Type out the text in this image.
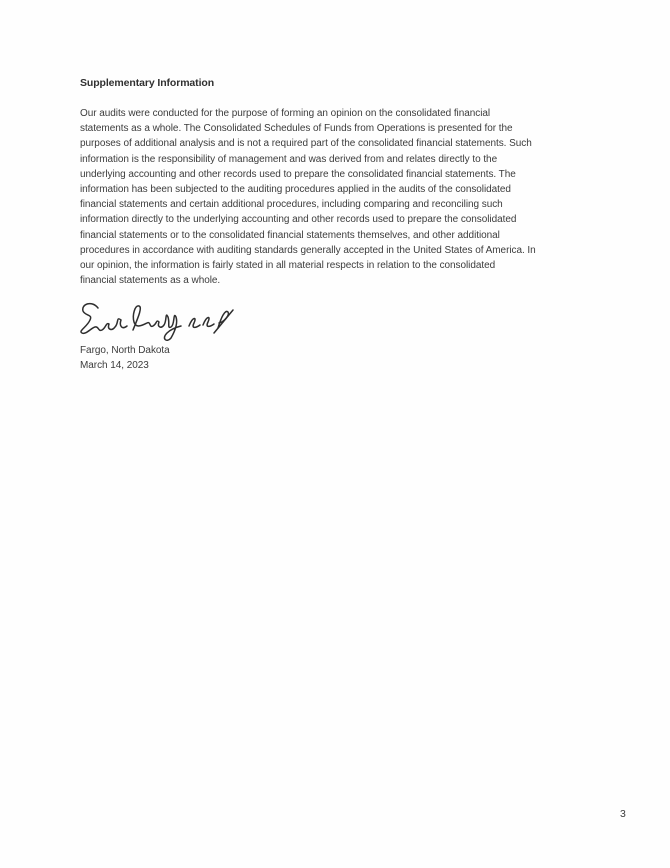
Supplementary Information
Our audits were conducted for the purpose of forming an opinion on the consolidated financial
statements as a whole. The Consolidated Schedules of Funds from Operations is presented for the
purposes of additional analysis and is not a required part of the consolidated financial statements. Such
information is the responsibility of management and was derived from and relates directly to the
underlying accounting and other records used to prepare the consolidated financial statements. The
information has been subjected to the auditing procedures applied in the audits of the consolidated
financial statements and certain additional procedures, including comparing and reconciling such
information directly to the underlying accounting and other records used to prepare the consolidated
financial statements or to the consolidated financial statements themselves, and other additional
procedures in accordance with auditing standards generally accepted in the United States of America. In
our opinion, the information is fairly stated in all material respects in relation to the consolidated
financial statements as a whole.
Fargo, North Dakota
March 14, 2023
3
